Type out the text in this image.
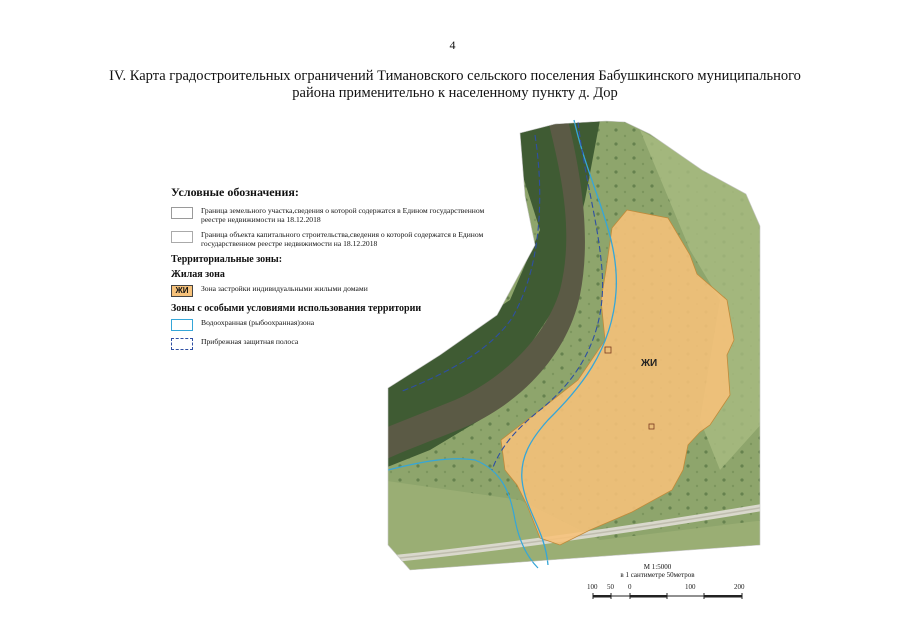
4
IV. Карта градостроительных ограничений Тимановского сельского поселения Бабушкинского муниципального
района применительно к населенному пункту д. Дор
ЖИ
100 50 0	100	200
Условные обозначения:
Граница земельного участка,сведения о которой содержатся в Едином государственном реестре недвижимости на 18.12.2018
Граница объекта капитального строительства,сведения о которой содержатся в Едином государственном реестре недвижимости на 18.12.2018
Территориальные зоны:
Жилая зона
ЖИ	Зона застройки индивидуальными жилыми домами
Зоны с особыми условиями использования территории
Водоохранная (рыбоохранная)зона
Прибрежная защитная полоса
М 1:5000
в 1 сантиметре 50метров
